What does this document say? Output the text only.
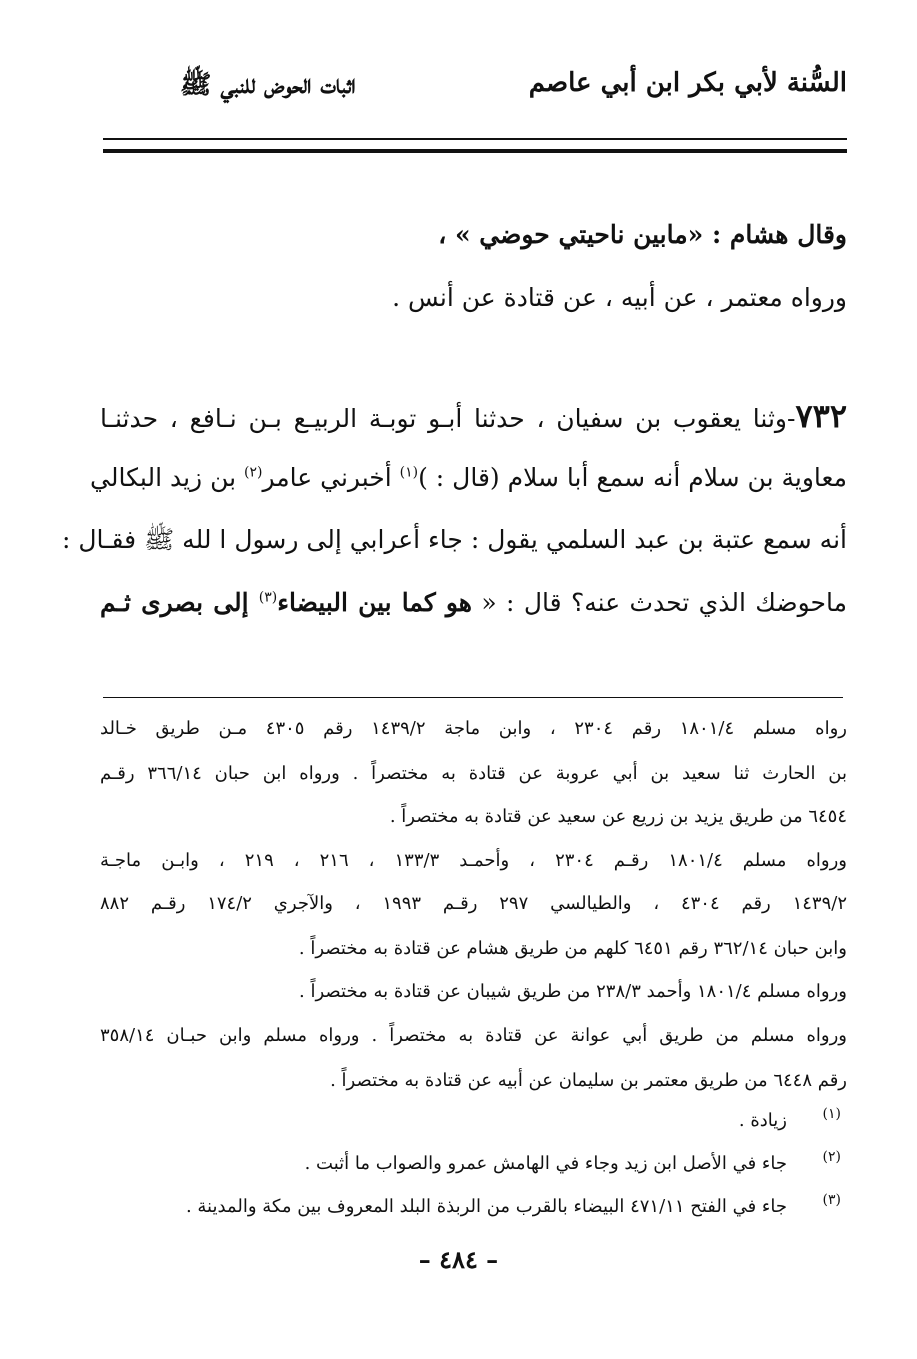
السُّنة لأبي بكر ابن أبي عاصم
اثبات الحوض للنبي ﷺ
وقال هشام : «مابين ناحيتي حوضي » ،
ورواه معتمر ، عن أبيه ، عن قتادة عن أنس .
٧٣٢-وثنا يعقوب بن سفيان ، حدثنا أبـو توبـة الربيـع بـن نـافع ، حدثنـا
معاوية بن سلام أنه سمع أبا سلام (قال : )$^{(١)}$ أخبرني عامر$^{(٢)}$ بن زيد البكالي
أنه سمع عتبة بن عبد السلمي يقول : جاء أعرابي إلى رسول ا لله ﷺ فقـال :
ماحوضك الذي تحدث عنه؟ قال : « هو كما بين البيضاء$^{(٣)}$ إلى بصرى ثـم
رواه مسلم ١٨٠١/٤ رقم ٢٣٠٤ ، وابن ماجة ١٤٣٩/٢ رقم ٤٣٠٥ مـن طريق خـالد
بن الحارث ثنا سعيد بن أبي عروبة عن قتادة به مختصراً . ورواه ابن حبان ٣٦٦/١٤ رقـم
٦٤٥٤ من طريق يزيد بن زريع عن سعيد عن قتادة به مختصراً .
ورواه مسلم ١٨٠١/٤ رقـم ٢٣٠٤ ، وأحمـد ١٣٣/٣ ، ٢١٦ ، ٢١٩ ، وابـن ماجـة
١٤٣٩/٢ رقم ٤٣٠٤ ، والطيالسي ٢٩٧ رقـم ١٩٩٣ ، والآجري ١٧٤/٢ رقـم ٨٨٢
وابن حبان ٣٦٢/١٤ رقم ٦٤٥١ كلهم من طريق هشام عن قتادة به مختصراً .
ورواه مسلم ١٨٠١/٤ وأحمد ٢٣٨/٣ من طريق شيبان عن قتادة به مختصراً .
ورواه مسلم من طريق أبي عوانة عن قتادة به مختصراً . ورواه مسلم وابن حبـان ٣٥٨/١٤
رقم ٦٤٤٨ من طريق معتمر بن سليمان عن أبيه عن قتادة به مختصراً .
(١)
زيادة .
(٢)
جاء في الأصل ابن زيد وجاء في الهامش عمرو والصواب ما أثبت .
(٣)
جاء في الفتح ٤٧١/١١ البيضاء بالقرب من الربذة البلد المعروف بين مكة والمدينة .
– ٤٨٤ –
